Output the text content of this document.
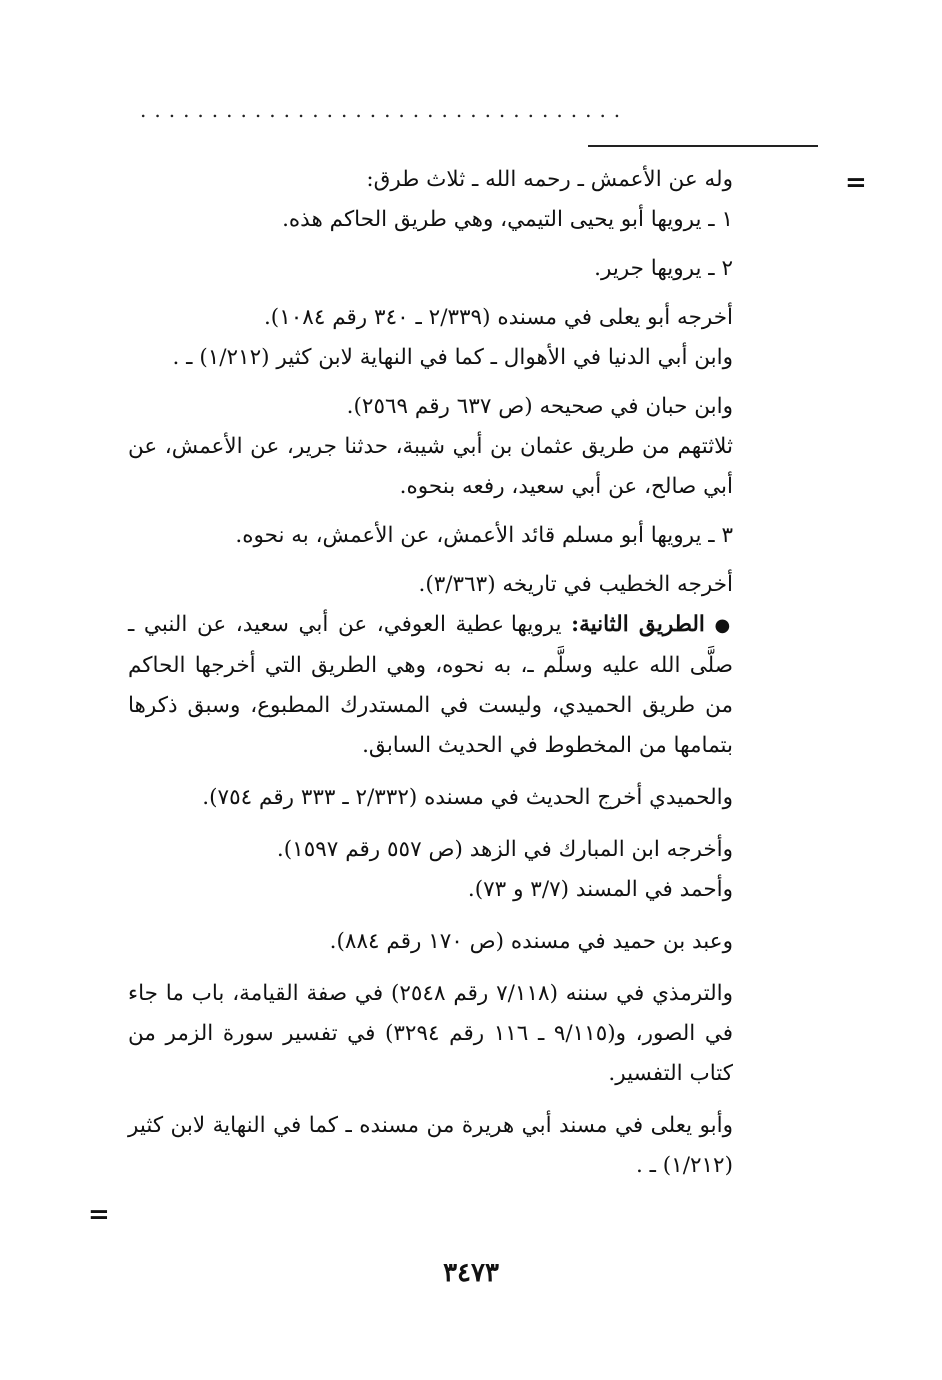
..................................
=
=
وله عن الأعمش ـ رحمه الله ـ ثلاث طرق:
١ ـ يرويها أبو يحيى التيمي، وهي طريق الحاكم هذه.
٢ ـ يرويها جرير.
أخرجه أبو يعلى في مسنده (٢/٣٣٩ ـ ٣٤٠ رقم ١٠٨٤).
وابن أبي الدنيا في الأهوال ـ كما في النهاية لابن كثير (١/٢١٢) ـ .
وابن حبان في صحيحه (ص ٦٣٧ رقم ٢٥٦٩).
ثلاثتهم من طريق عثمان بن أبي شيبة، حدثنا جرير، عن الأعمش، عن أبي صالح، عن أبي سعيد، رفعه بنحوه.
٣ ـ يرويها أبو مسلم قائد الأعمش، عن الأعمش، به نحوه.
أخرجه الخطيب في تاريخه (٣/٣٦٣).
● الطريق الثانية: يرويها عطية العوفي، عن أبي سعيد، عن النبي ـ صلَّى الله عليه وسلَّم ـ، به نحوه، وهي الطريق التي أخرجها الحاكم من طريق الحميدي، وليست في المستدرك المطبوع، وسبق ذكرها بتمامها من المخطوط في الحديث السابق.
والحميدي أخرج الحديث في مسنده (٢/٣٣٢ ـ ٣٣٣ رقم ٧٥٤).
وأخرجه ابن المبارك في الزهد (ص ٥٥٧ رقم ١٥٩٧).
وأحمد في المسند (٣/٧ و ٧٣).
وعبد بن حميد في مسنده (ص ١٧٠ رقم ٨٨٤).
والترمذي في سننه (٧/١١٨ رقم ٢٥٤٨) في صفة القيامة، باب ما جاء في الصور، و(٩/١١٥ ـ ١١٦ رقم ٣٢٩٤) في تفسير سورة الزمر من كتاب التفسير.
وأبو يعلى في مسند أبي هريرة من مسنده ـ كما في النهاية لابن كثير (١/٢١٢) ـ .
٣٤٧٣
